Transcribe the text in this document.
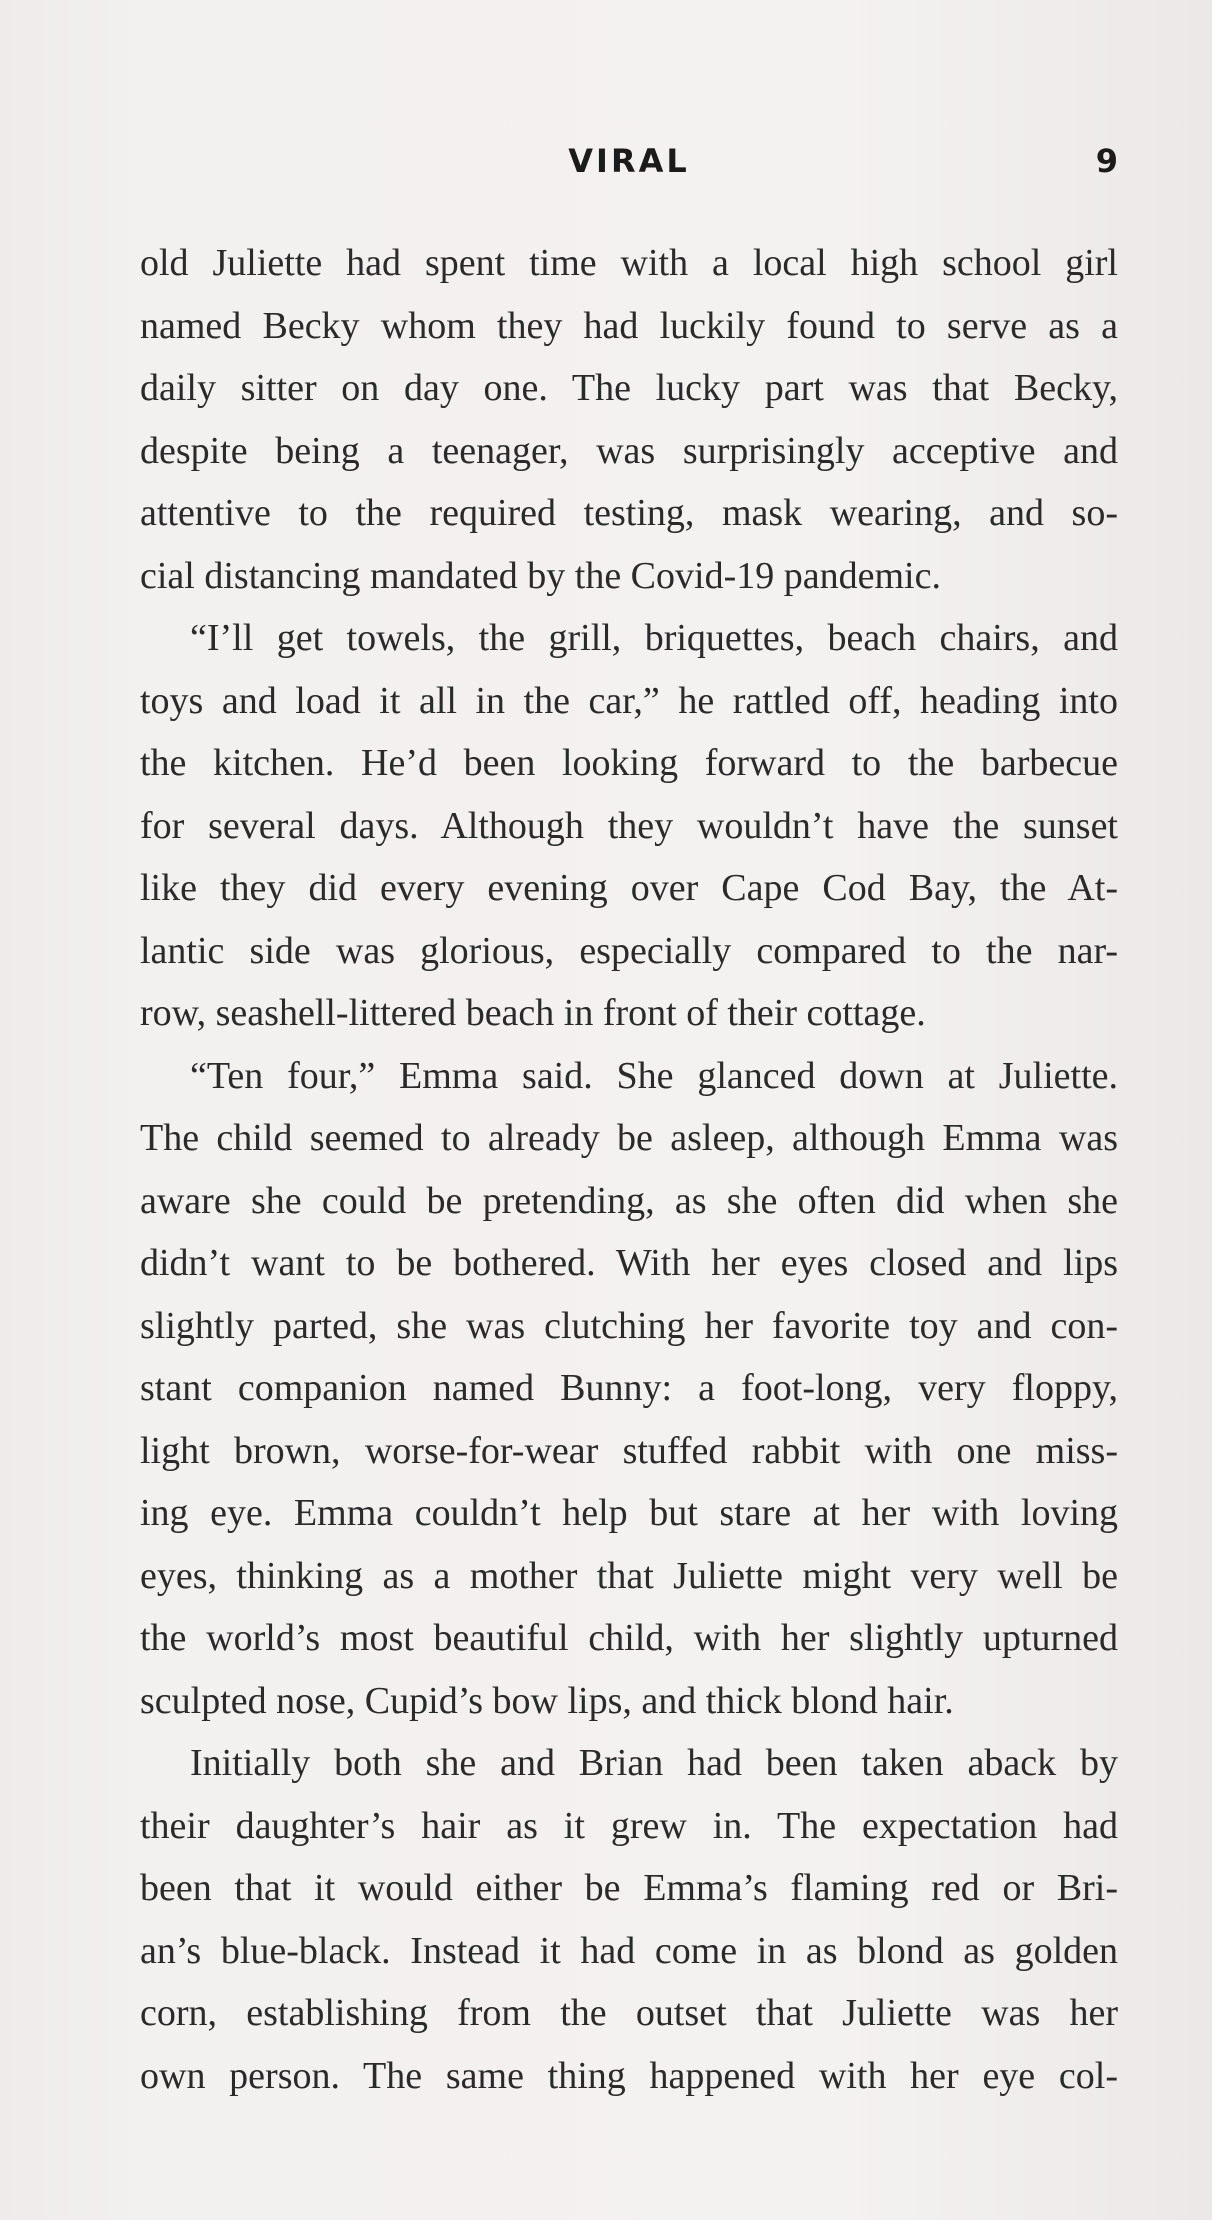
VIRAL	9
old Juliette had spent time with a local high school girl
named Becky whom they had luckily found to serve as a
daily sitter on day one. The lucky part was that Becky,
despite being a teenager, was surprisingly acceptive and
attentive to the required testing, mask wearing, and so-
cial distancing mandated by the Covid-19 pandemic.
“I’ll get towels, the grill, briquettes, beach chairs, and
toys and load it all in the car,” he rattled off, heading into
the kitchen. He’d been looking forward to the barbecue
for several days. Although they wouldn’t have the sunset
like they did every evening over Cape Cod Bay, the At-
lantic side was glorious, especially compared to the nar-
row, seashell-littered beach in front of their cottage.
“Ten four,” Emma said. She glanced down at Juliette.
The child seemed to already be asleep, although Emma was
aware she could be pretending, as she often did when she
didn’t want to be bothered. With her eyes closed and lips
slightly parted, she was clutching her favorite toy and con-
stant companion named Bunny: a foot-long, very floppy,
light brown, worse-for-wear stuffed rabbit with one miss-
ing eye. Emma couldn’t help but stare at her with loving
eyes, thinking as a mother that Juliette might very well be
the world’s most beautiful child, with her slightly upturned
sculpted nose, Cupid’s bow lips, and thick blond hair.
Initially both she and Brian had been taken aback by
their daughter’s hair as it grew in. The expectation had
been that it would either be Emma’s flaming red or Bri-
an’s blue-black. Instead it had come in as blond as golden
corn, establishing from the outset that Juliette was her
own person. The same thing happened with her eye col-
